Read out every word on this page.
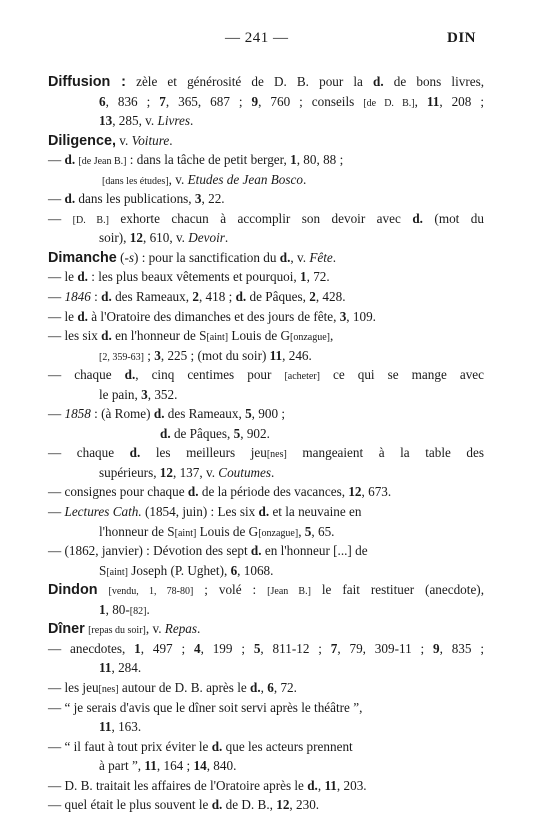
— 241 —	DIN
Diffusion : zèle et générosité de D. B. pour la d. de bons livres,
6, 836 ; 7, 365, 687 ; 9, 760 ; conseils [de D. B.], 11, 208 ;
13, 285, v. Livres.
Diligence, v. Voiture.
— d. [de Jean B.] : dans la tâche de petit berger, 1, 80, 88 ;
[dans les études], v. Etudes de Jean Bosco.
— d. dans les publications, 3, 22.
— [D. B.] exhorte chacun à accomplir son devoir avec d. (mot du
soir), 12, 610, v. Devoir.
Dimanche (-s) : pour la sanctification du d., v. Fête.
— le d. : les plus beaux vêtements et pourquoi, 1, 72.
— 1846 : d. des Rameaux, 2, 418 ; d. de Pâques, 2, 428.
— le d. à l'Oratoire des dimanches et des jours de fête, 3, 109.
— les six d. en l'honneur de S[aint] Louis de G[onzague],
[2, 359-63] ; 3, 225 ; (mot du soir) 11, 246.
— chaque d., cinq centimes pour [acheter] ce qui se mange avec
le pain, 3, 352.
— 1858 : (à Rome) d. des Rameaux, 5, 900 ;
d. de Pâques, 5, 902.
— chaque d. les meilleurs jeu[nes] mangeaient à la table des
supérieurs, 12, 137, v. Coutumes.
— consignes pour chaque d. de la période des vacances, 12, 673.
— Lectures Cath. (1854, juin) : Les six d. et la neuvaine en
l'honneur de S[aint] Louis de G[onzague], 5, 65.
— (1862, janvier) : Dévotion des sept d. en l'honneur [...] de
S[aint] Joseph (P. Ughet), 6, 1068.
Dindon [vendu, 1, 78-80] ; volé : [Jean B.] le fait restituer (anecdote),
1, 80-[82].
Dîner [repas du soir], v. Repas.
— anecdotes, 1, 497 ; 4, 199 ; 5, 811-12 ; 7, 79, 309-11 ; 9, 835 ;
11, 284.
— les jeu[nes] autour de D. B. après le d., 6, 72.
— “ je serais d'avis que le dîner soit servi après le théâtre ”,
11, 163.
— “ il faut à tout prix éviter le d. que les acteurs prennent
à part ”, 11, 164 ; 14, 840.
— D. B. traitait les affaires de l'Oratoire après le d., 11, 203.
— quel était le plus souvent le d. de D. B., 12, 230.
